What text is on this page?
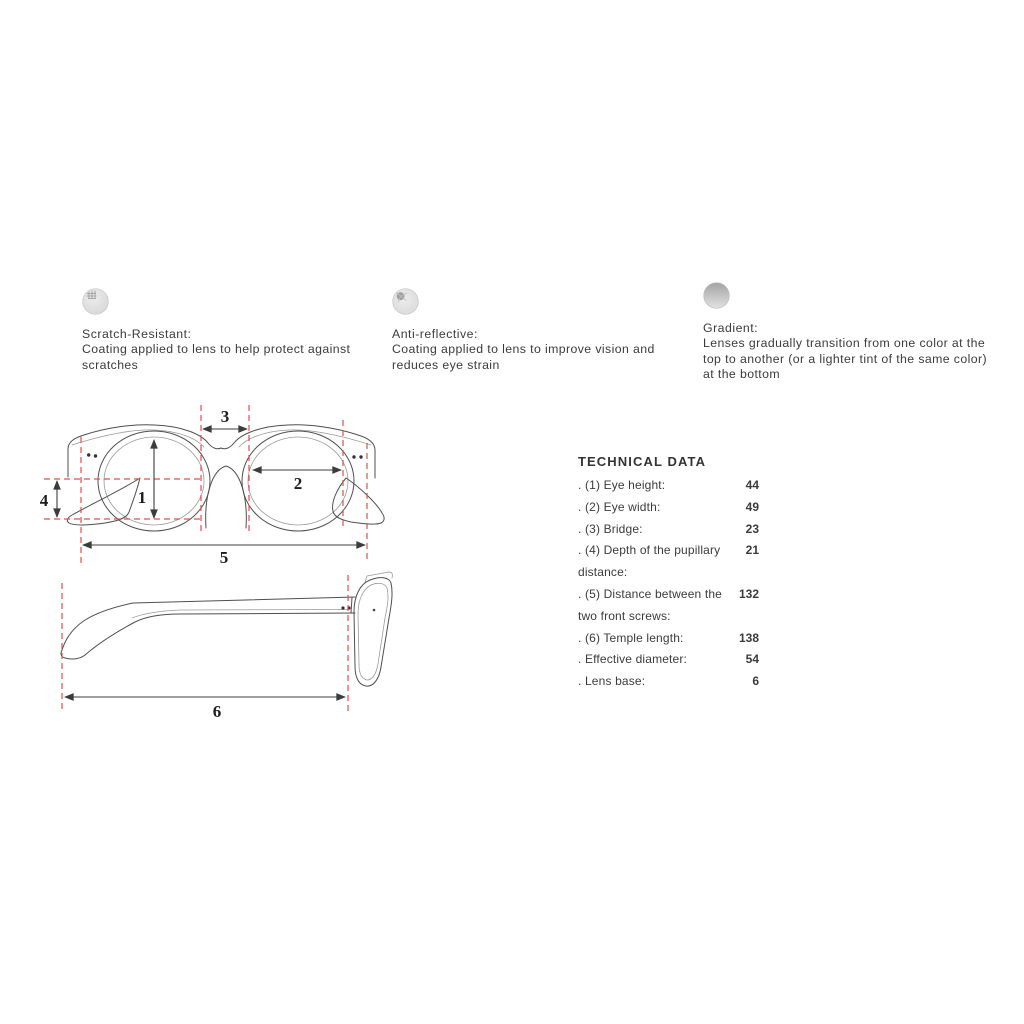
Scratch-Resistant:

Coating applied to lens to help protect against scratches

Anti-reflective:

Coating applied to lens to improve vision and reduces eye strain

Gradient:

Lenses gradually transition from one color at the top to another (or a lighter tint of the same color) at the bottom

1
2
3
4
5
6
TECHNICAL DATA
. (1) Eye height:	44
. (2) Eye width:	49
. (3) Bridge:	23
. (4) Depth of the pupillary distance:
21
. (5) Distance between the two front screws:
132
. (6) Temple length:	138
. Effective diameter:	54
. Lens base:	6
